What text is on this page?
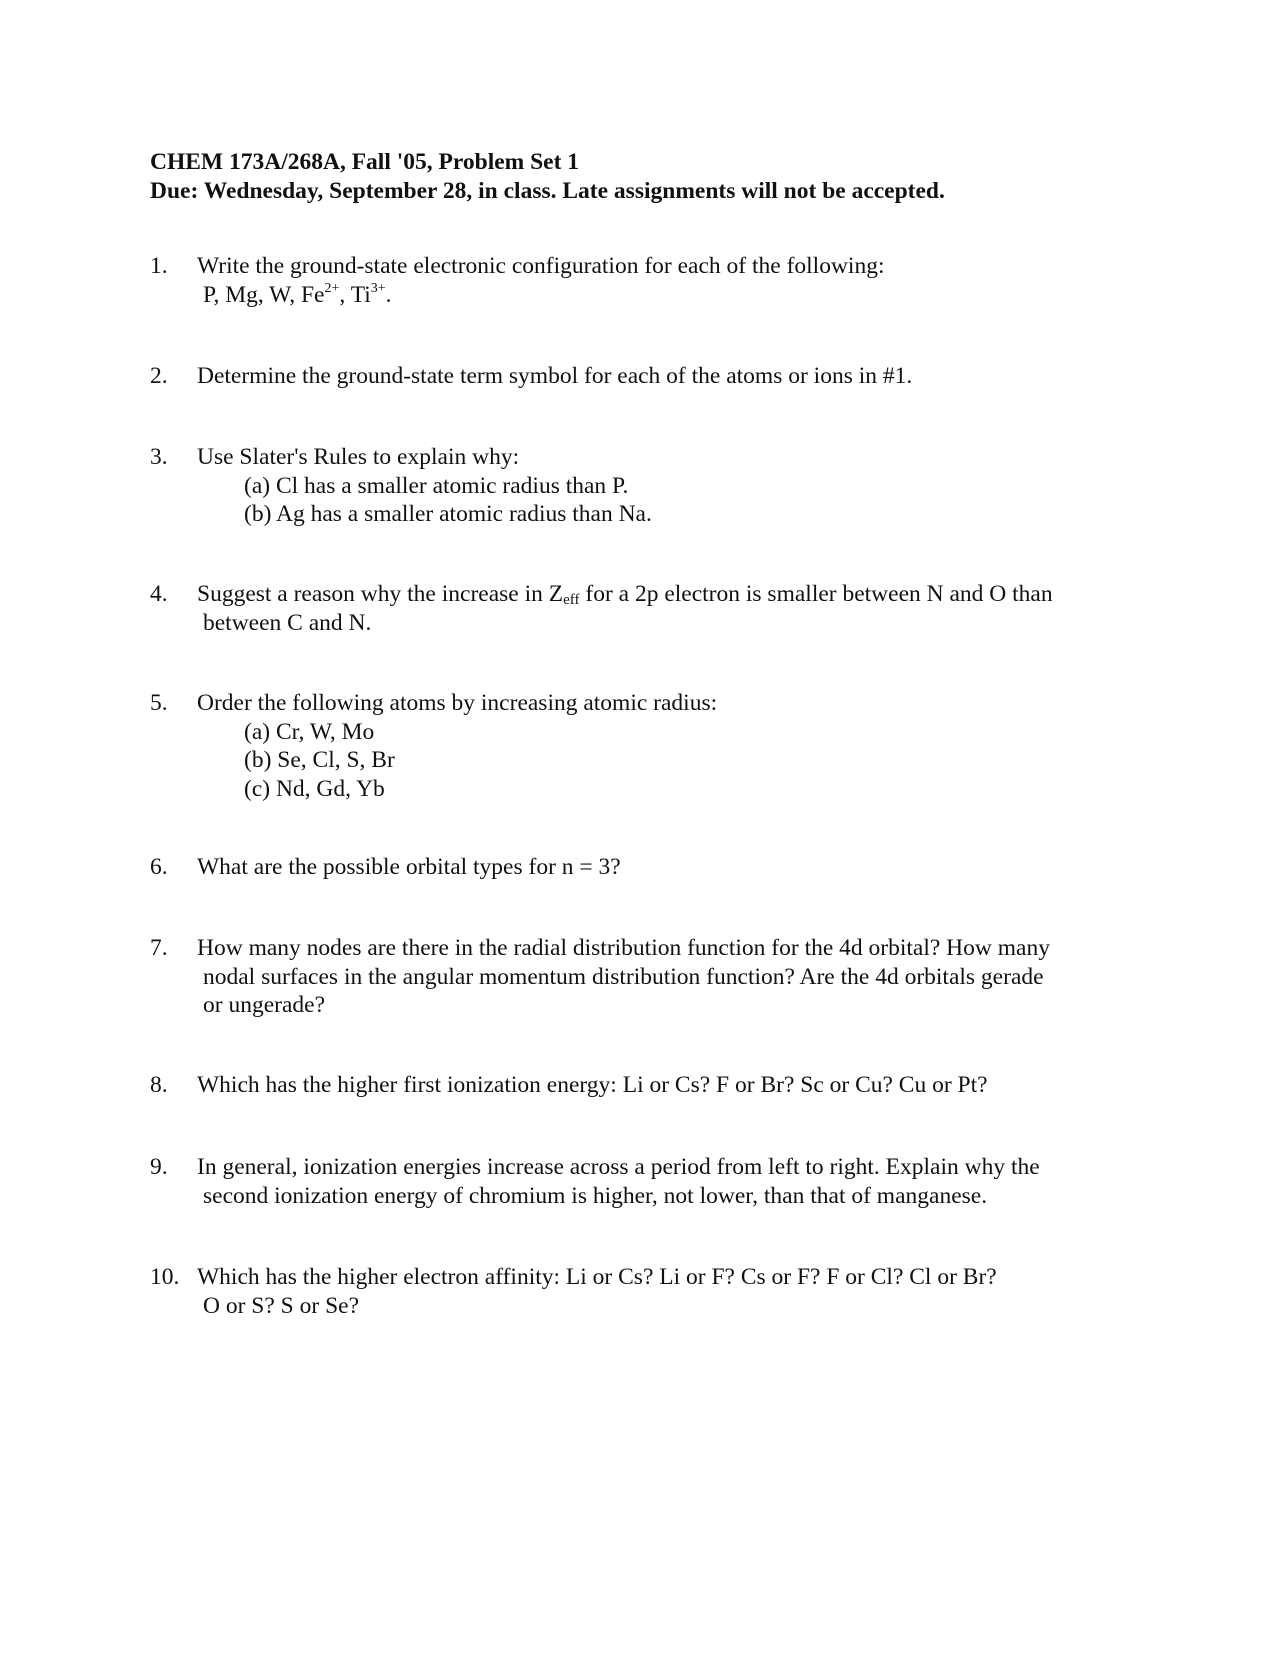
CHEM 173A/268A, Fall '05, Problem Set 1
Due: Wednesday, September 28, in class. Late assignments will not be accepted.
1. Write the ground-state electronic configuration for each of the following:
P, Mg, W, $Fe^{2+}$, $Ti^{3+}$.
2. Determine the ground-state term symbol for each of the atoms or ions in #1.
3. Use Slater's Rules to explain why:
(a) Cl has a smaller atomic radius than P.
(b) Ag has a smaller atomic radius than Na.
4. Suggest a reason why the increase in $Z_{eff}$ for a 2p electron is smaller between N and O than
between C and N.
5. Order the following atoms by increasing atomic radius:
(a) Cr, W, Mo
(b) Se, Cl, S, Br
(c) Nd, Gd, Yb
6. What are the possible orbital types for n = 3?
7. How many nodes are there in the radial distribution function for the 4d orbital? How many
nodal surfaces in the angular momentum distribution function? Are the 4d orbitals gerade
or ungerade?
8. Which has the higher first ionization energy: Li or Cs? F or Br? Sc or Cu? Cu or Pt?
9. In general, ionization energies increase across a period from left to right. Explain why the
second ionization energy of chromium is higher, not lower, than that of manganese.
10. Which has the higher electron affinity: Li or Cs? Li or F? Cs or F? F or Cl? Cl or Br?
O or S? S or Se?
